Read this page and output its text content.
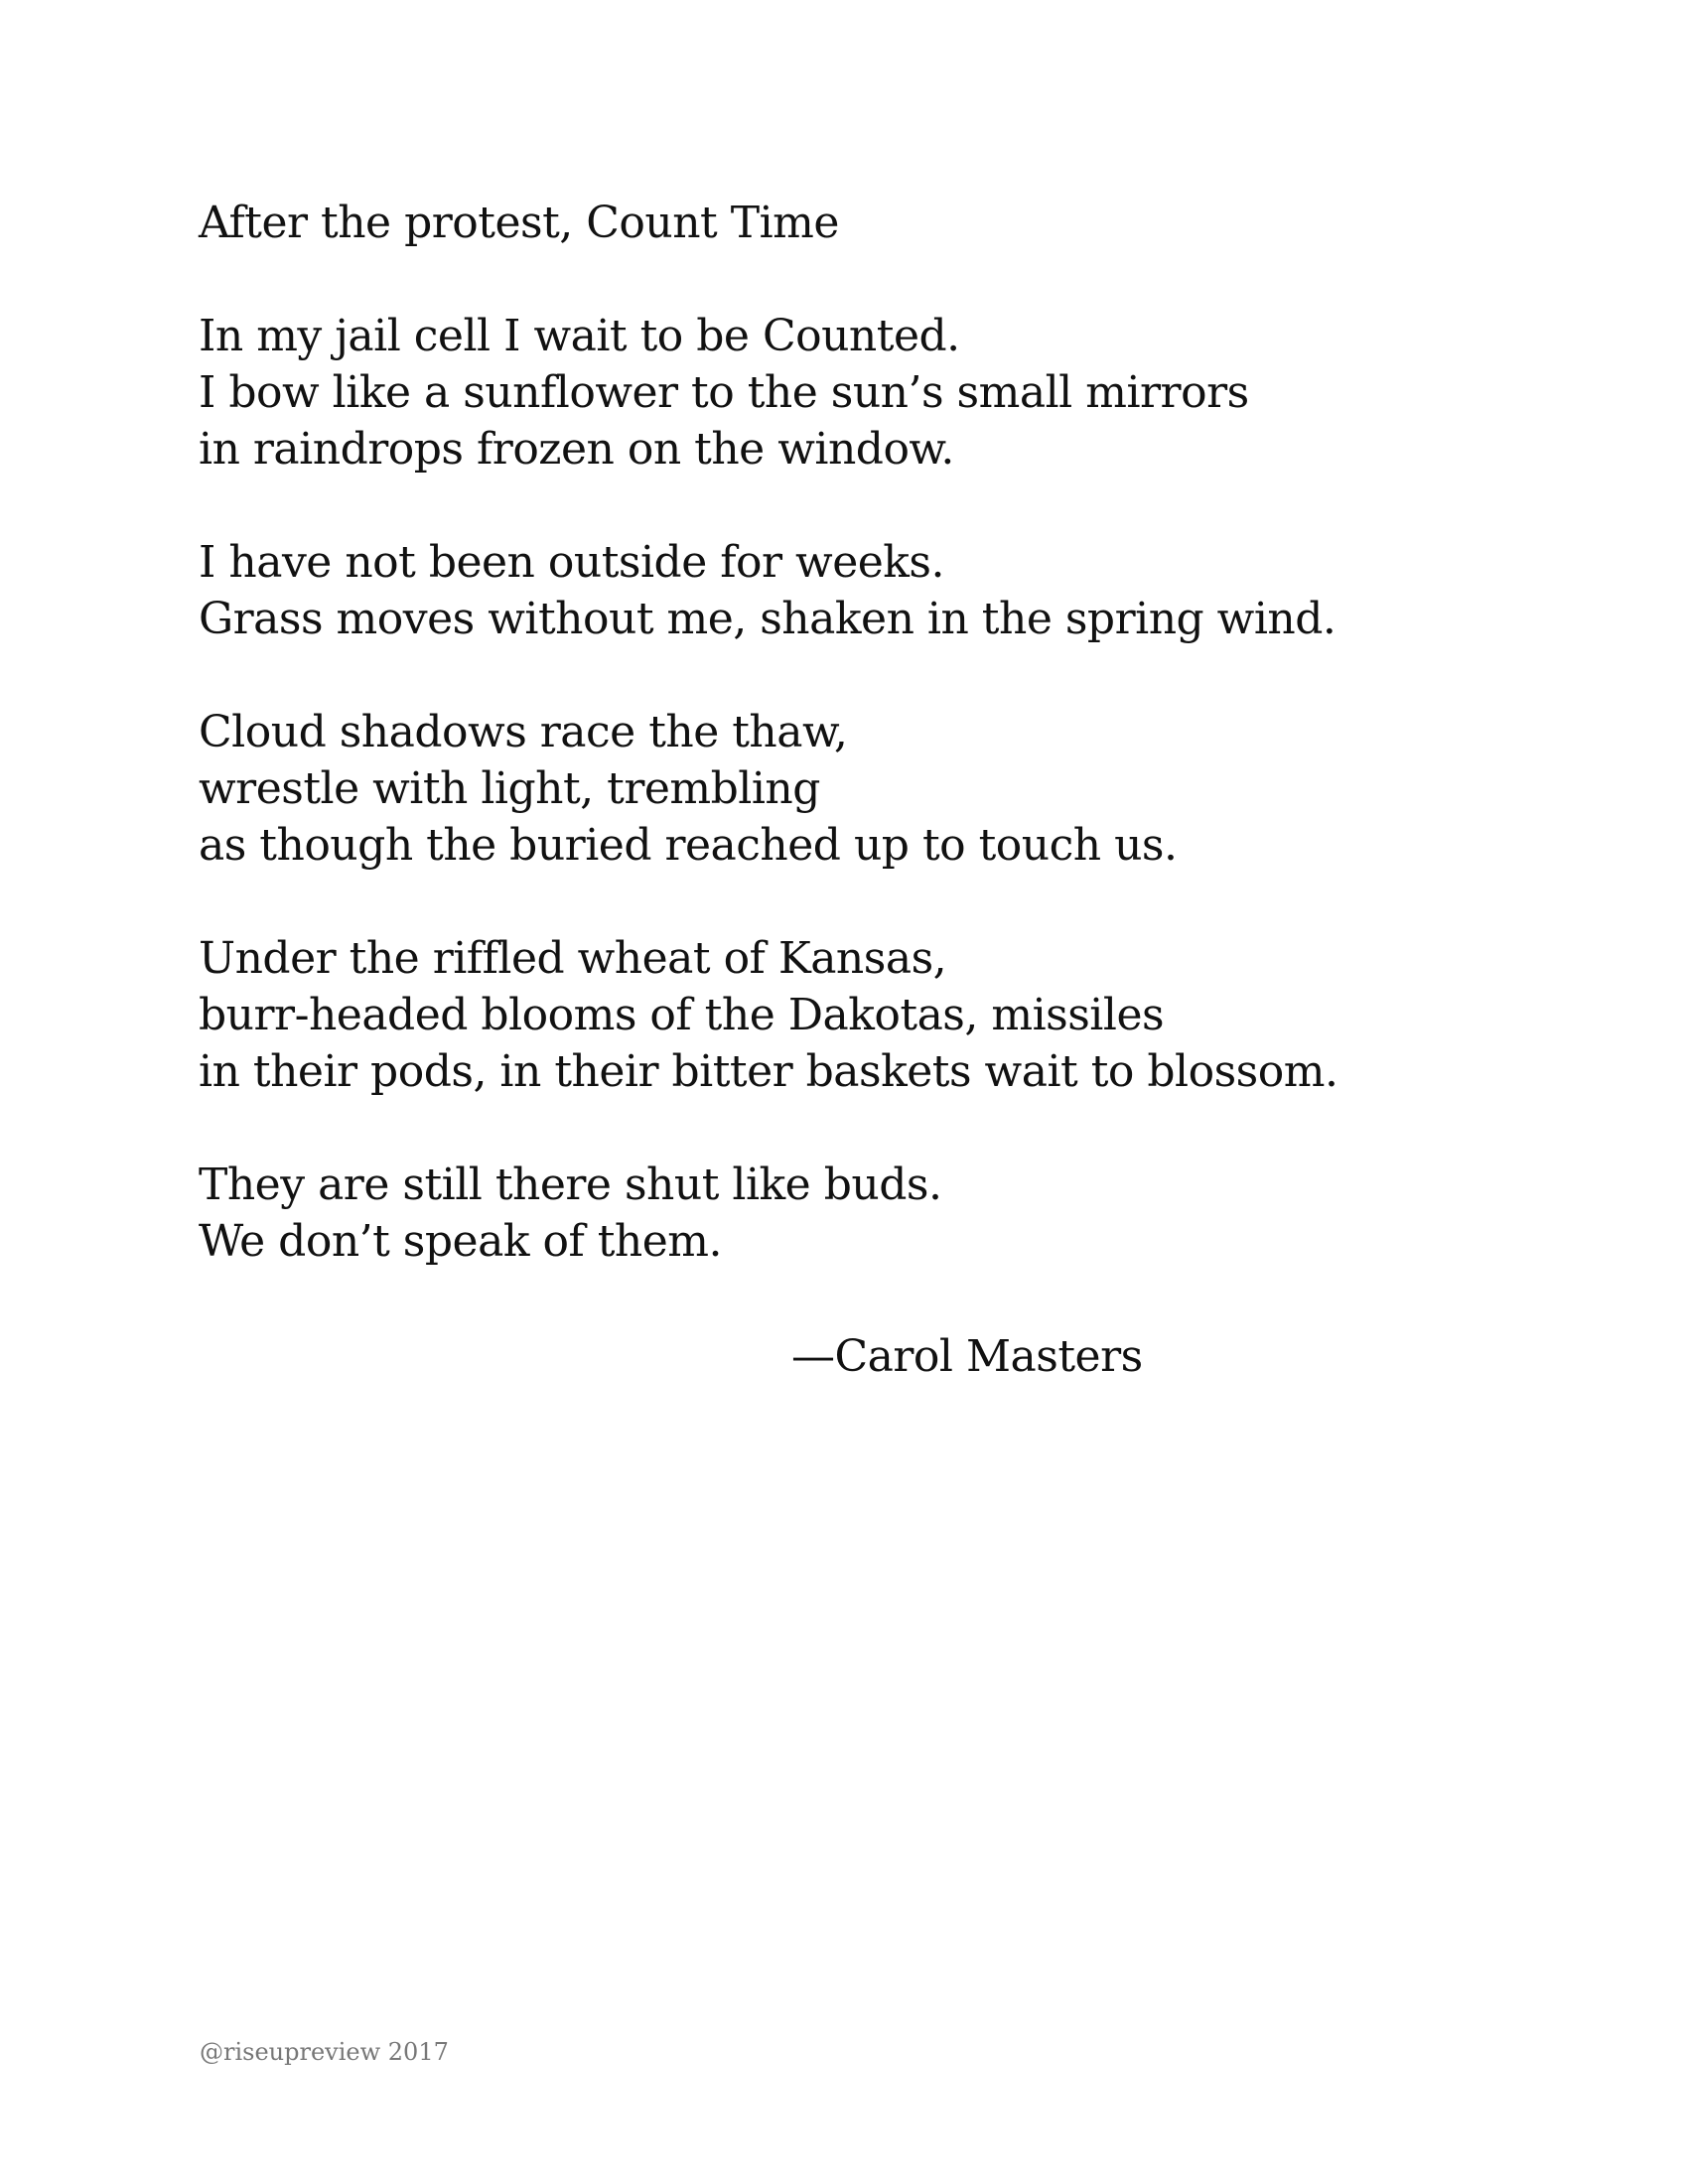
After the protest, Count Time
In my jail cell I wait to be Counted.
I bow like a sunflower to the sun’s small mirrors
in raindrops frozen on the window.
I have not been outside for weeks.
Grass moves without me, shaken in the spring wind.
Cloud shadows race the thaw,
wrestle with light, trembling
as though the buried reached up to touch us.
Under the riffled wheat of Kansas,
burr-headed blooms of the Dakotas, missiles
in their pods, in their bitter baskets wait to blossom.
They are still there shut like buds.
We don’t speak of them.
—Carol Masters
@riseupreview 2017
